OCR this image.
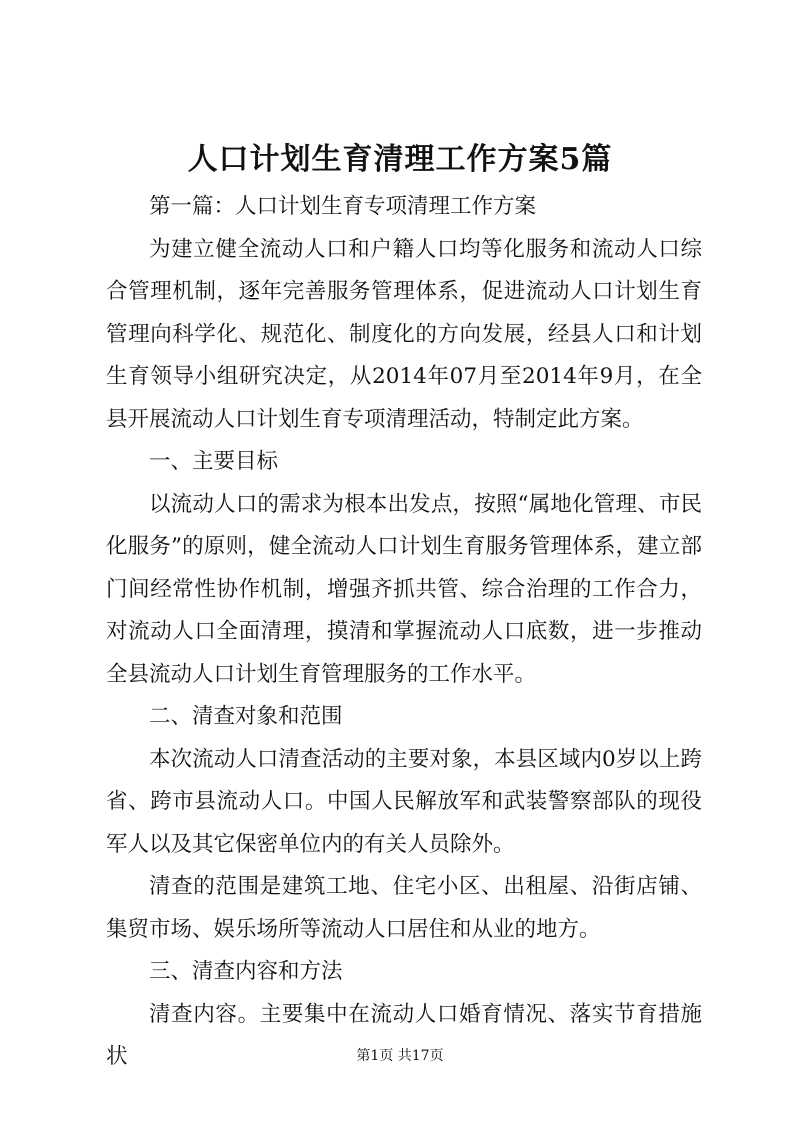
人口计划生育清理工作方案5篇

第一篇：人口计划生育专项清理工作方案

为建立健全流动人口和户籍人口均等化服务和流动人口综合管理机制，逐年完善服务管理体系，促进流动人口计划生育管理向科学化、规范化、制度化的方向发展，经县人口和计划生育领导小组研究决定，从2014年07月至2014年9月，在全县开展流动人口计划生育专项清理活动，特制定此方案。

一、主要目标

以流动人口的需求为根本出发点，按照“属地化管理、市民化服务”的原则，健全流动人口计划生育服务管理体系，建立部门间经常性协作机制，增强齐抓共管、综合治理的工作合力，对流动人口全面清理，摸清和掌握流动人口底数，进一步推动全县流动人口计划生育管理服务的工作水平。

二、清查对象和范围

本次流动人口清查活动的主要对象，本县区域内0岁以上跨省、跨市县流动人口。中国人民解放军和武装警察部队的现役军人以及其它保密单位内的有关人员除外。

清查的范围是建筑工地、住宅小区、出租屋、沿街店铺、集贸市场、娱乐场所等流动人口居住和从业的地方。

三、清查内容和方法

清查内容。主要集中在流动人口婚育情况、落实节育措施状	第1页 共17页
